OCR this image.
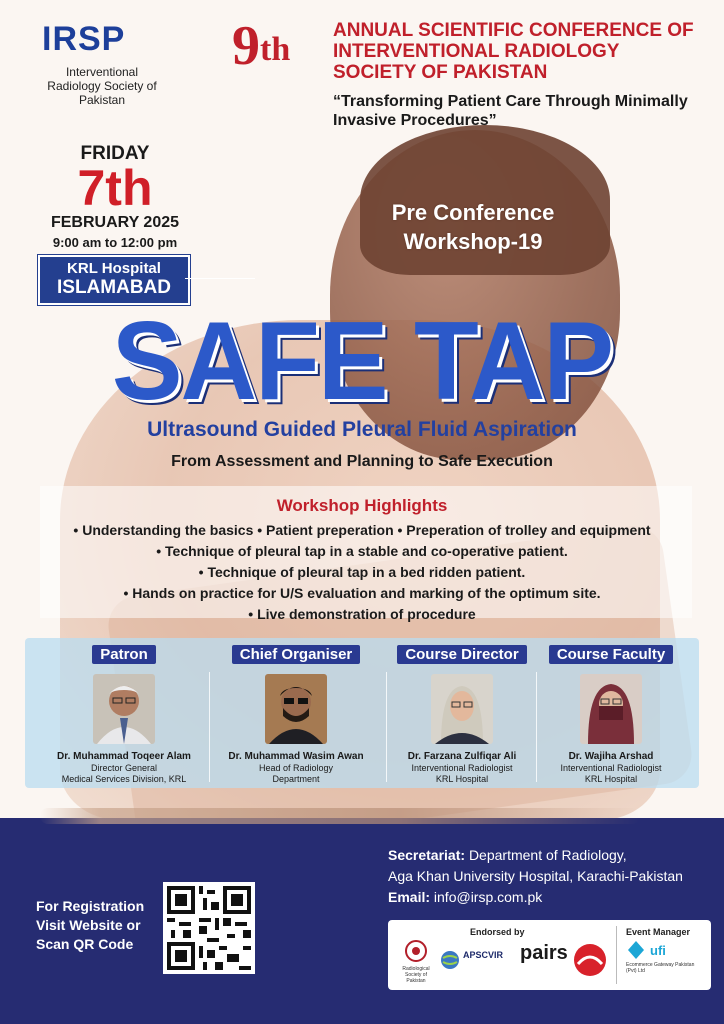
IRSP
Interventional Radiology Society of Pakistan
9th
ANNUAL SCIENTIFIC CONFERENCE OF INTERVENTIONAL RADIOLOGY SOCIETY OF PAKISTAN
“Transforming Patient Care Through Minimally Invasive Procedures”
FRIDAY
7th
FEBRUARY 2025
9:00 am to 12:00 pm
KRL Hospital
ISLAMABAD
Pre Conference
Workshop-19
SAFE TAP
Ultrasound Guided Pleural Fluid Aspiration
From Assessment and Planning to Safe Execution
Workshop Highlights
• Understanding the basics • Patient preperation • Preperation of trolley and equipment
• Technique of pleural tap in a stable and co-operative patient.
• Technique of pleural tap in a bed ridden patient.
• Hands on practice for U/S evaluation and marking of the optimum site.
• Live demonstration of procedure
Patron
Dr. Muhammad Toqeer Alam
Director General
Medical Services Division, KRL
Chief Organiser
Dr. Muhammad Wasim Awan
Head of Radiology
Department
Course Director
Dr. Farzana Zulfiqar Ali
Interventional Radiologist
KRL Hospital
Course Faculty
Dr. Wajiha Arshad
Interventional Radiologist
KRL Hospital
Secretariat: Department of Radiology,
Aga Khan University Hospital, Karachi-Pakistan
Email: info@irsp.com.pk
For Registration
Visit Website or
Scan QR Code
Endorsed by	Event Manager
Radiological Society of Pakistan
APSCVIR pairs	ufi
Ecommerce Gateway Pakistan (Pvt) Ltd
